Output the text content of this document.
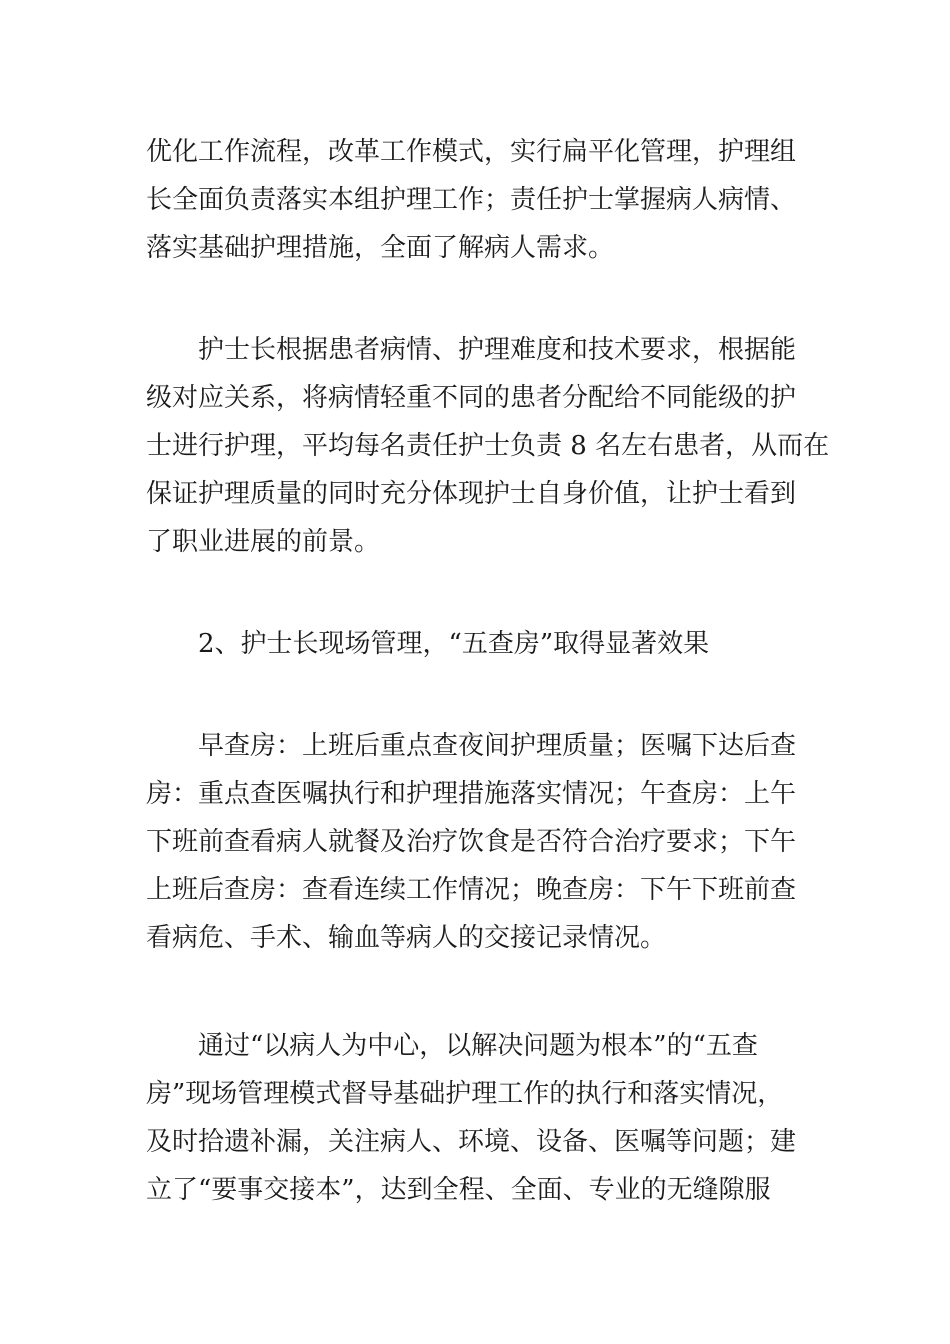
优化工作流程，改革工作模式，实行扁平化管理，护理组
长全面负责落实本组护理工作；责任护士掌握病人病情、
落实基础护理措施，全面了解病人需求。
护士长根据患者病情、护理难度和技术要求，根据能
级对应关系，将病情轻重不同的患者分配给不同能级的护
士进行护理，平均每名责任护士负责 8 名左右患者，从而在
保证护理质量的同时充分体现护士自身价值，让护士看到
了职业进展的前景。
2、护士长现场管理，“五查房”取得显著效果
早查房：上班后重点查夜间护理质量；医嘱下达后查
房：重点查医嘱执行和护理措施落实情况；午查房：上午
下班前查看病人就餐及治疗饮食是否符合治疗要求；下午
上班后查房：查看连续工作情况；晚查房：下午下班前查
看病危、手术、输血等病人的交接记录情况。
通过“以病人为中心，以解决问题为根本”的“五查
房”现场管理模式督导基础护理工作的执行和落实情况，
及时拾遗补漏，关注病人、环境、设备、医嘱等问题；建
立了“要事交接本”，达到全程、全面、专业的无缝隙服
